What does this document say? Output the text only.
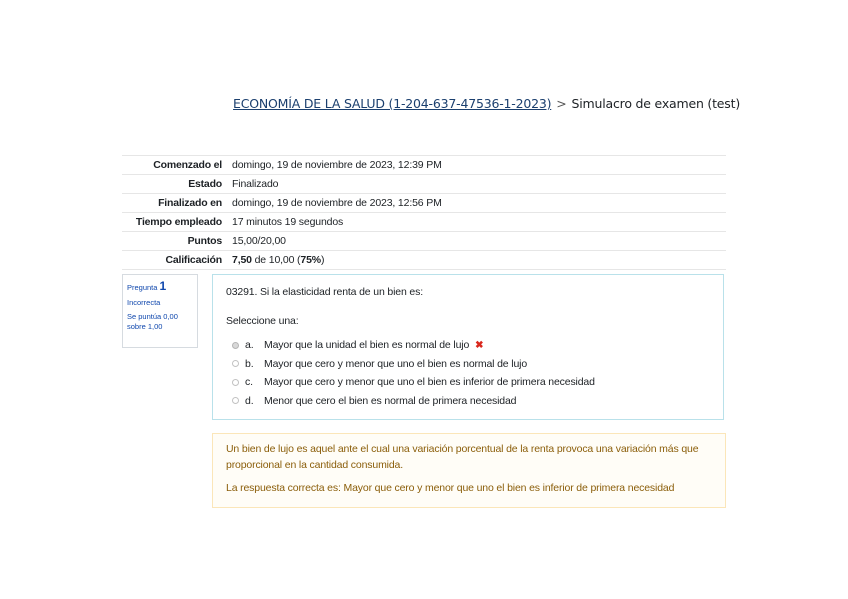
ECONOMÍA DE LA SALUD (1-204-637-47536-1-2023) > Simulacro de examen (test)
Comenzado el	domingo, 19 de noviembre de 2023, 12:39 PM
Estado	Finalizado
Finalizado en	domingo, 19 de noviembre de 2023, 12:56 PM
Tiempo empleado	17 minutos 19 segundos
Puntos	15,00/20,00
Calificación	7,50 de 10,00 (75%)
Pregunta 1
Incorrecta
Se puntúa 0,00 sobre 1,00
03291. Si la elasticidad renta de un bien es:
Seleccione una:
a.	Mayor que la unidad el bien es normal de lujo ✖
b.	Mayor que cero y menor que uno el bien es normal de lujo
c.	Mayor que cero y menor que uno el bien es inferior de primera necesidad
d.	Menor que cero el bien es normal de primera necesidad
Un bien de lujo es aquel ante el cual una variación porcentual de la renta provoca una variación más que proporcional en la cantidad consumida.
La respuesta correcta es: Mayor que cero y menor que uno el bien es inferior de primera necesidad
